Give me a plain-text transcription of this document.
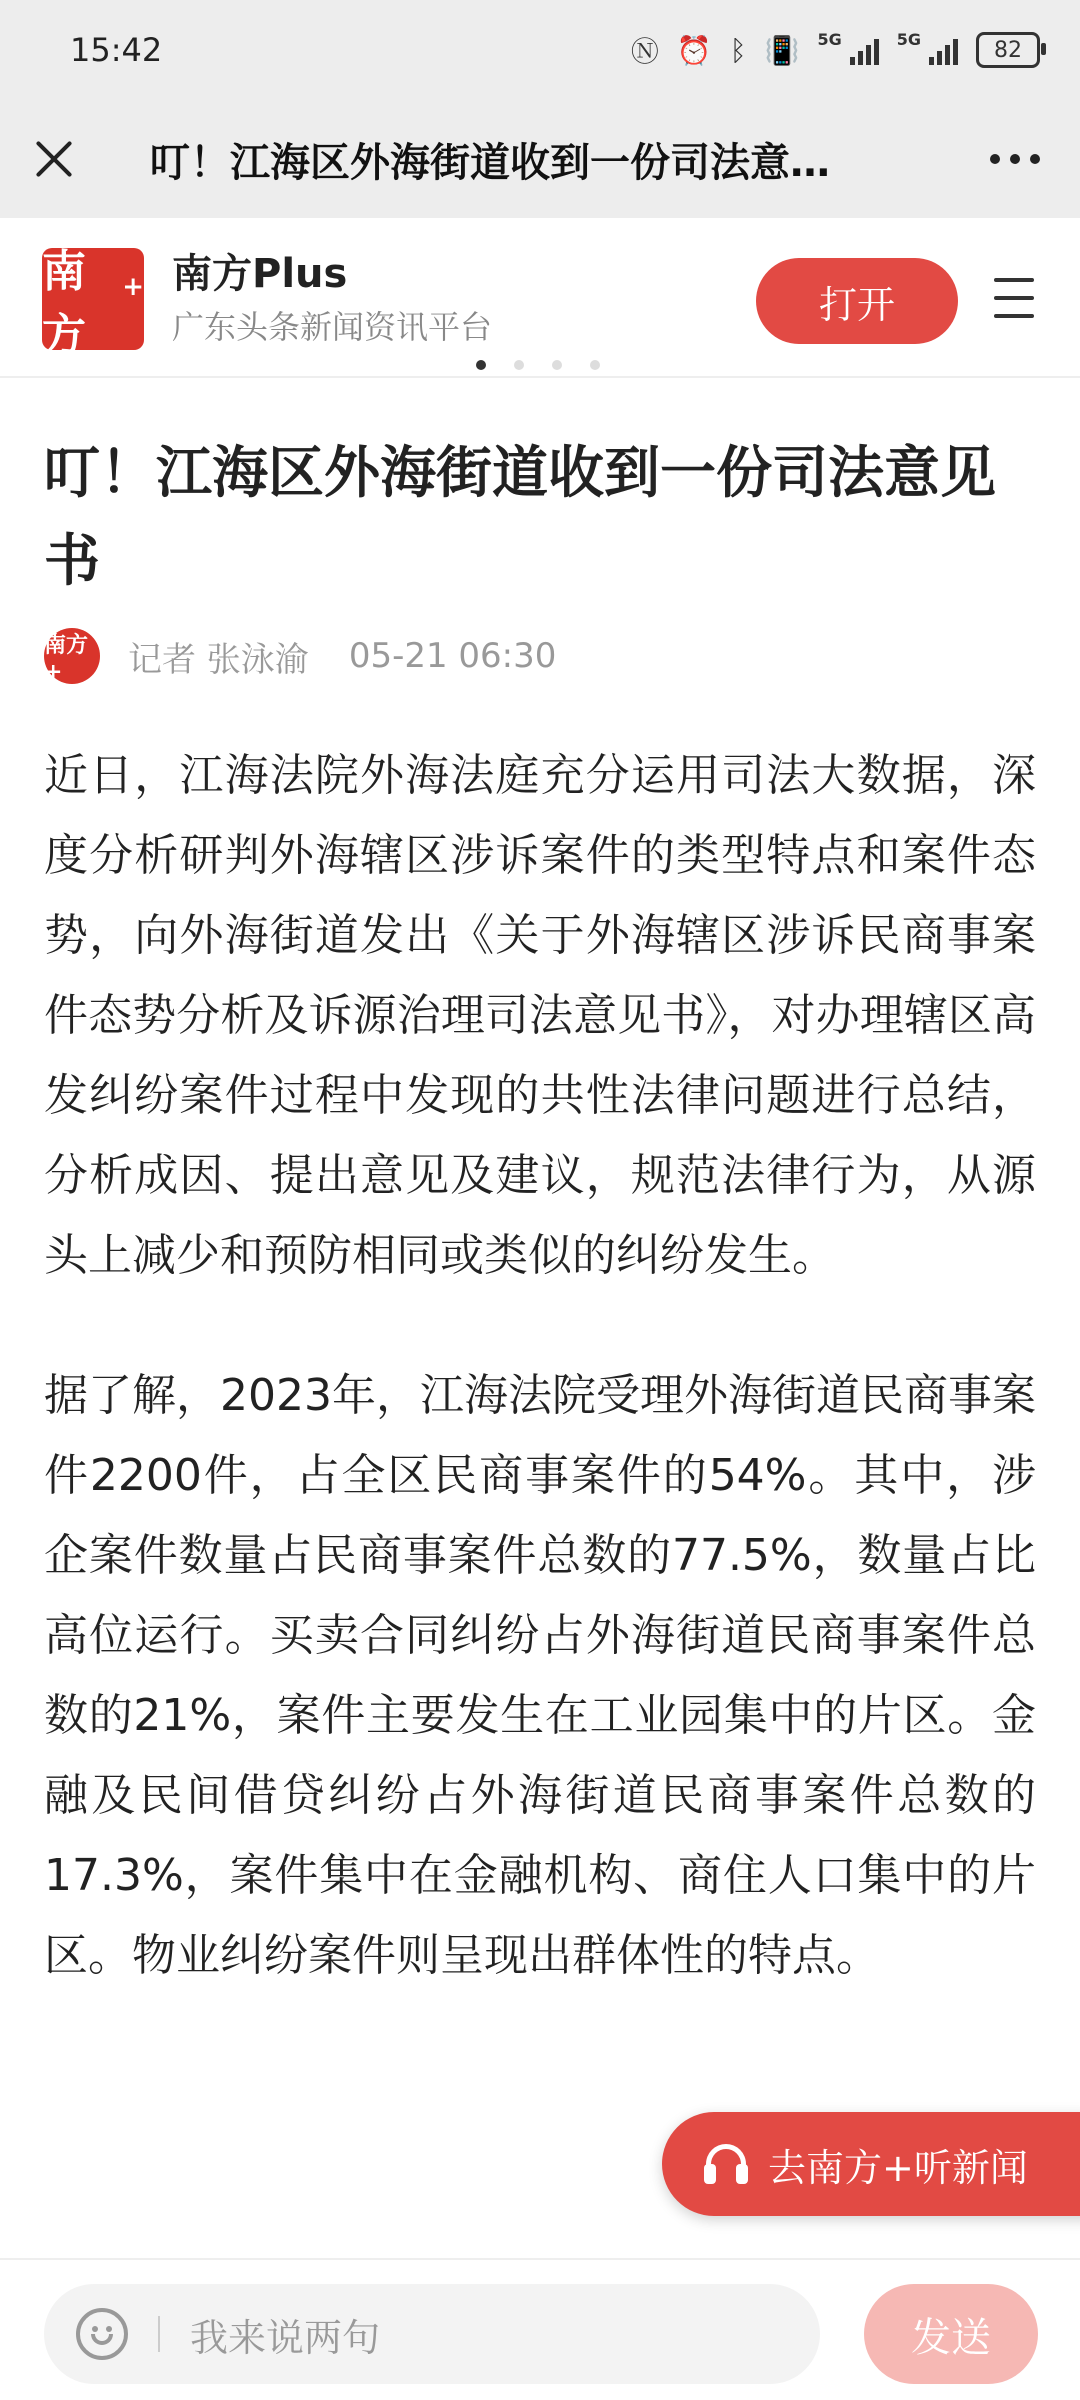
15:42	Ⓝ ⏰ ᛒ 📳 5G	5G	82
叮！江海区外海街道收到一份司法意…
南方
+ 南方Plus
广东头条新闻资讯平台
打开
叮！江海区外海街道收到一份司法意见书
南方+	记者 张泳渝 05-21 06:30

近日，江海法院外海法庭充分运用司法大数据，深度分析研判外海辖区涉诉案件的类型特点和案件态势，向外海街道发出《关于外海辖区涉诉民商事案件态势分析及诉源治理司法意见书》，对办理辖区高发纠纷案件过程中发现的共性法律问题进行总结，分析成因、提出意见及建议，规范法律行为，从源头上减少和预防相同或类似的纠纷发生。

据了解，2023年，江海法院受理外海街道民商事案件2200件，占全区民商事案件的54%。其中，涉企案件数量占民商事案件总数的77.5%，数量占比高位运行。买卖合同纠纷占外海街道民商事案件总数的21%，案件主要发生在工业园集中的片区。金融及民间借贷纠纷占外海街道民商事案件总数的17.3%，案件集中在金融机构、商住人口集中的片区。物业纠纷案件则呈现出群体性的特点。

去南方+听新闻
我来说两句	发送
